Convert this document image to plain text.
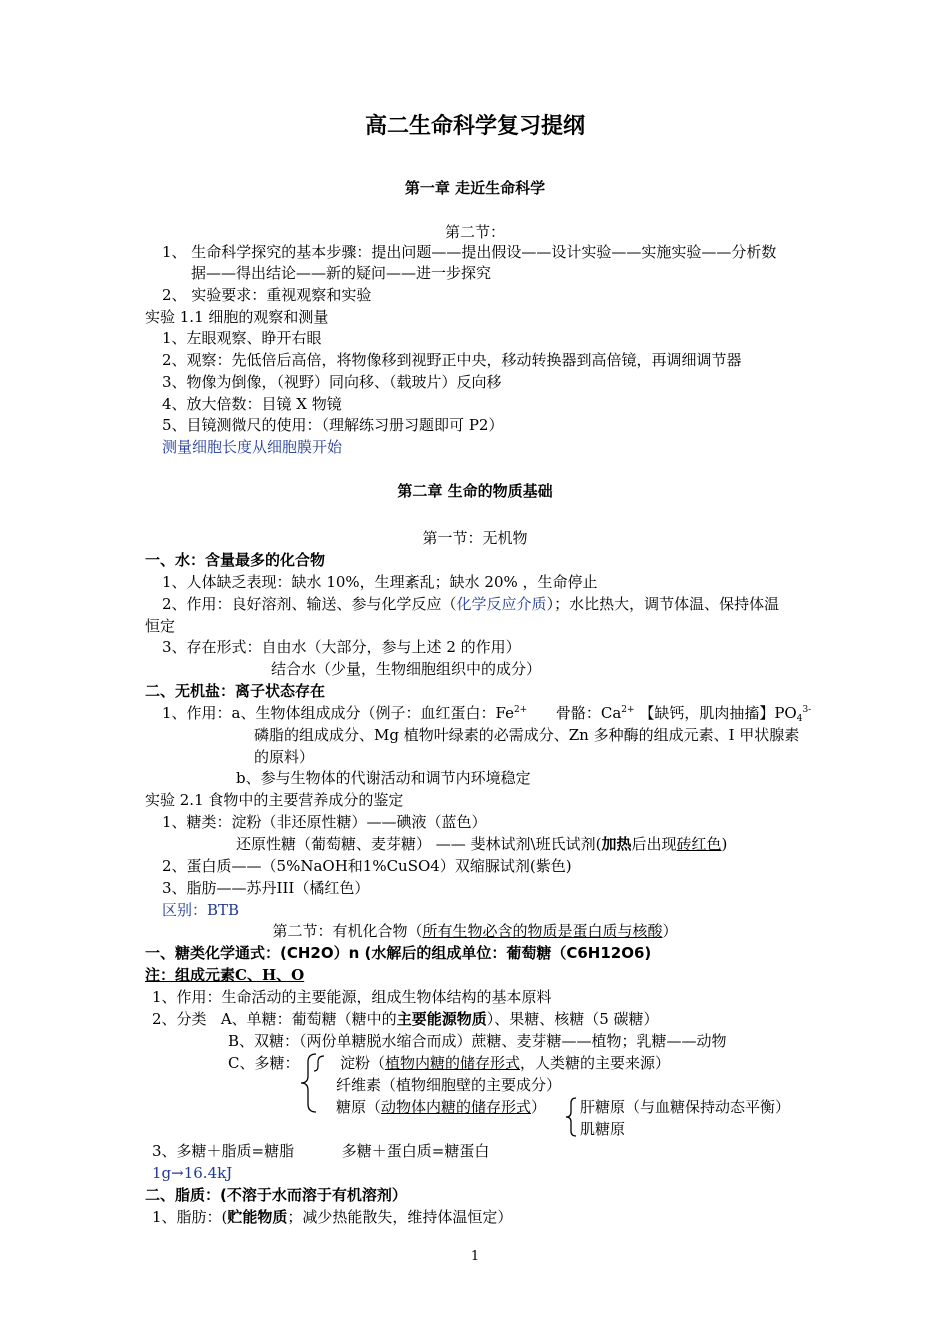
高二生命科学复习提纲
第一章 走近生命科学
第二节：
1、 生命科学探究的基本步骤：提出问题——提出假设——设计实验——实施实验——分析数
据——得出结论——新的疑问——进一步探究
2、 实验要求：重视观察和实验
实验 1.1 细胞的观察和测量
1、左眼观察、睁开右眼
2、观察：先低倍后高倍，将物像移到视野正中央，移动转换器到高倍镜，再调细调节器
3、物像为倒像，（视野）同向移、（载玻片）反向移
4、放大倍数：目镜 X 物镜
5、目镜测微尺的使用：（理解练习册习题即可 P2）
测量细胞长度从细胞膜开始
第二章 生命的物质基础
第一节：无机物
一、水：含量最多的化合物
1、人体缺乏表现：缺水 10%，生理紊乱；缺水 20% ，生命停止
2、作用：良好溶剂、输送、参与化学反应（化学反应介质）；水比热大，调节体温、保持体温
恒定
3、存在形式：自由水（大部分，参与上述 2 的作用）
结合水（少量，生物细胞组织中的成分）
二、无机盐：离子状态存在
1、作用：a、生物体组成成分（例子：血红蛋白：$Fe^{2+}$      骨骼：$Ca^{2+}$ 【缺钙，肌肉抽搐】$PO_4^{3-}$
磷脂的组成成分、Mg 植物叶绿素的必需成分、Zn 多种酶的组成元素、I 甲状腺素
的原料）
b、参与生物体的代谢活动和调节内环境稳定
实验 2.1 食物中的主要营养成分的鉴定
1、糖类：淀粉（非还原性糖）——碘液（蓝色）
还原性糖（葡萄糖、麦芽糖） —— 斐林试剂\班氏试剂(加热后出现砖红色)
2、蛋白质——（5%NaOH和1%CuSO4）双缩脲试剂(紫色)
3、脂肪——苏丹III（橘红色）
区别：BTB
第二节：有机化合物（所有生物必含的物质是蛋白质与核酸）
一、糖类化学通式：(CH2O）n (水解后的组成单位：葡萄糖（C6H12O6)
注：组成元素C、H、O
1、作用：生命活动的主要能源，组成生物体结构的基本原料
2、分类   A、单糖：葡萄糖（糖中的主要能源物质）、果糖、核糖（5 碳糖）
B、双糖：（两份单糖脱水缩合而成）蔗糖、麦芽糖——植物；乳糖——动物
C、多糖：	淀粉（植物内糖的储存形式，人类糖的主要来源）
纤维素（植物细胞壁的主要成分）
糖原（动物体内糖的储存形式） 肝糖原（与血糖保持动态平衡）
肌糖原
3、多糖＋脂质=糖脂          多糖＋蛋白质=糖蛋白
1g→16.4kJ
二、脂质：(不溶于水而溶于有机溶剂）
1、脂肪：(贮能物质；减少热能散失，维持体温恒定）
1
